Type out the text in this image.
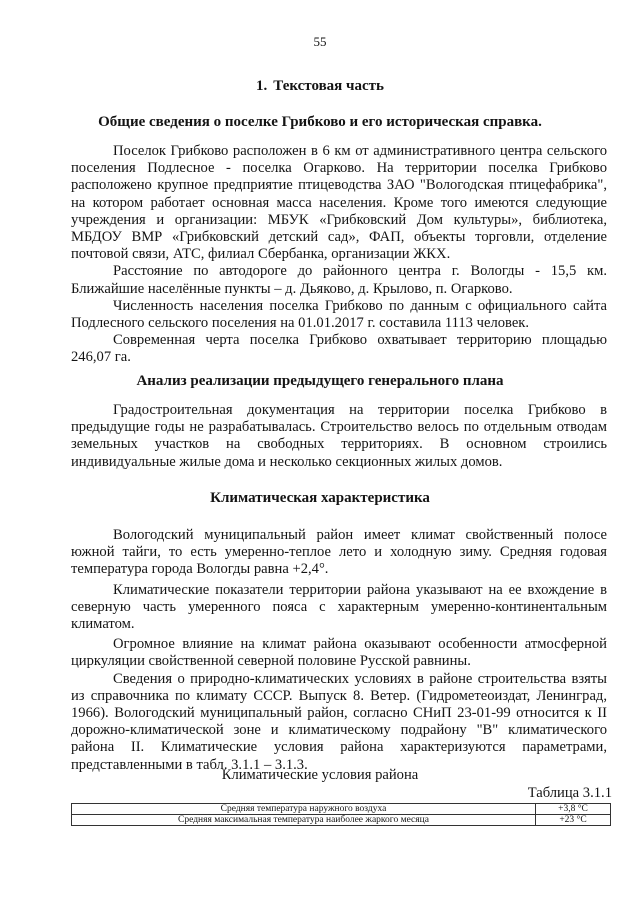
55
1. Текстовая часть
Общие сведения о поселке Грибково и его историческая справка.

Поселок Грибково расположен в 6 км от административного центра сельского поселения Подлесное - поселка Огарково. На территории поселка Грибково расположено крупное предприятие птицеводства ЗАО "Вологодская птицефабрика", на котором работает основная масса населения. Кроме того имеются следующие учреждения и организации: МБУК «Грибковский Дом культуры», библиотека, МБДОУ ВМР «Грибковский детский сад», ФАП, объекты торговли, отделение почтовой связи, АТС, филиал Сбербанка, организации ЖКХ.

Расстояние по автодороге до районного центра г. Вологды - 15,5 км. Ближайшие населённые пункты – д. Дьяково, д. Крылово, п. Огарково.

Численность населения поселка Грибково по данным с официального сайта Подлесного сельского поселения на 01.01.2017 г. составила 1113 человек.

Современная черта поселка Грибково охватывает территорию площадью 246,07 га.

Анализ реализации предыдущего генерального плана

Градостроительная документация на территории поселка Грибково в предыдущие годы не разрабатывалась. Строительство велось по отдельным отводам земельных участков на свободных территориях. В основном строились индивидуальные жилые дома и несколько секционных жилых домов.

Климатическая характеристика

Вологодский муниципальный район имеет климат свойственный полосе южной тайги, то есть умеренно-теплое лето и холодную зиму. Средняя годовая температура города Вологды равна +2,4°.

Климатические показатели территории района указывают на ее вхождение в северную часть умеренного пояса с характерным умеренно-континентальным климатом.

Огромное влияние на климат района оказывают особенности атмосферной циркуляции свойственной северной половине Русской равнины.

Сведения о природно-климатических условиях в районе строительства взяты из справочника по климату СССР. Выпуск 8. Ветер. (Гидрометеоиздат, Ленинград, 1966). Вологодский муниципальный район, согласно СНиП 23-01-99 относится к II дорожно-климатической зоне и климатическому подрайону "В" климатического района II. Климатические условия района характеризуются параметрами, представленными в табл. 3.1.1 – 3.1.3.

Климатические условия района
Таблица 3.1.1
Средняя температура наружного воздуха	+3,8 °С
Средняя максимальная температура наиболее жаркого месяца	+23 °С
